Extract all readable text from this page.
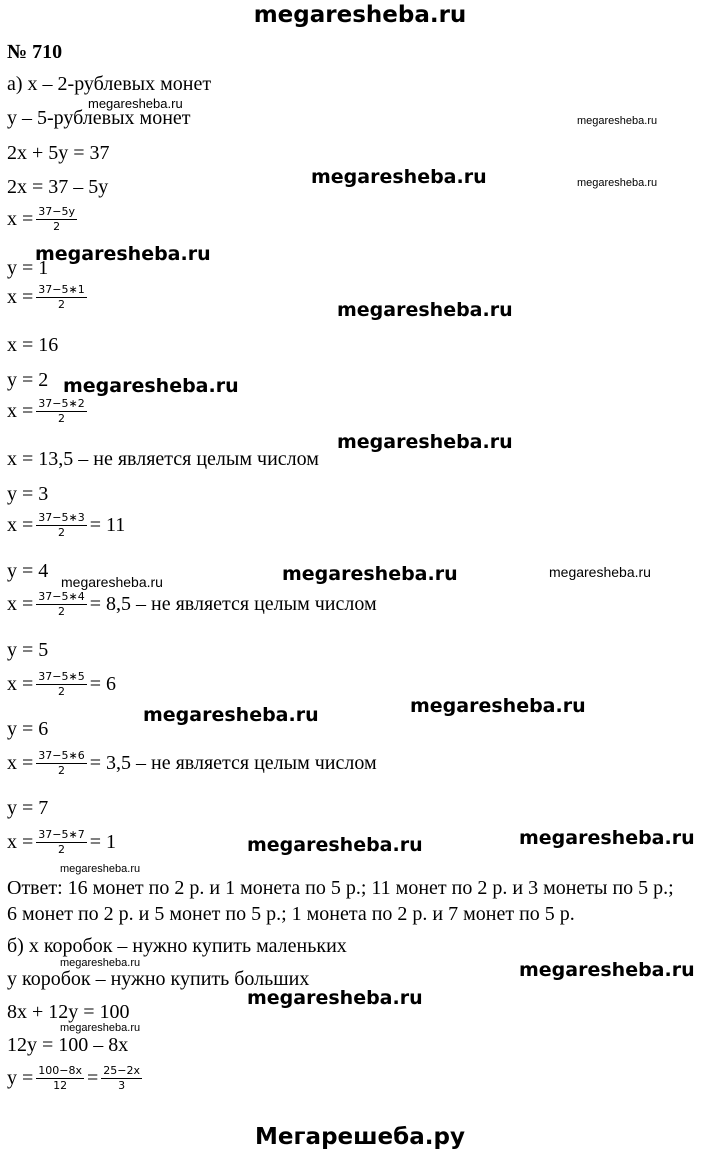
megaresheba.ru
№ 710
а) x – 2-рублевых монет
y – 5-рублевых монет
2x + 5y = 37
2x = 37 – 5y
$x = \frac{37-5y}{2}$
y = 1
$x = \frac{37-5∗1}{2}$
x = 16
y = 2
$x = \frac{37-5∗2}{2}$
x = 13,5 – не является целым числом
y = 3
$x = \frac{37-5∗3}{2} = 11$
y = 4
$x = \frac{37-5∗4}{2} = 8,5$ – не является целым числом
y = 5
$x = \frac{37-5∗5}{2} = 6$
y = 6
$x = \frac{37-5∗6}{2} = 3,5$ – не является целым числом
y = 7
$x = \frac{37-5∗7}{2} = 1$
Ответ: 16 монет по 2 р. и 1 монета по 5 р.; 11 монет по 2 р. и 3 монеты по 5 р.;
6 монет по 2 р. и 5 монет по 5 р.; 1 монета по 2 р. и 7 монет по 5 р.
б) x коробок – нужно купить маленьких
y коробок – нужно купить больших
8x + 12y = 100
12y = 100 – 8x
$y = \frac{100-8x}{12} = \frac{25-2x}{3}$
megaresheba.ru
megaresheba.ru
megaresheba.ru
megaresheba.ru
megaresheba.ru
megaresheba.ru
megaresheba.ru
megaresheba.ru
megaresheba.ru
megaresheba.ru
megaresheba.ru
megaresheba.ru
megaresheba.ru
megaresheba.ru
megaresheba.ru
megaresheba.ru
megaresheba.ru	megaresheba.ru
megaresheba.ru
megaresheba.ru
Мегарешеба.ру
